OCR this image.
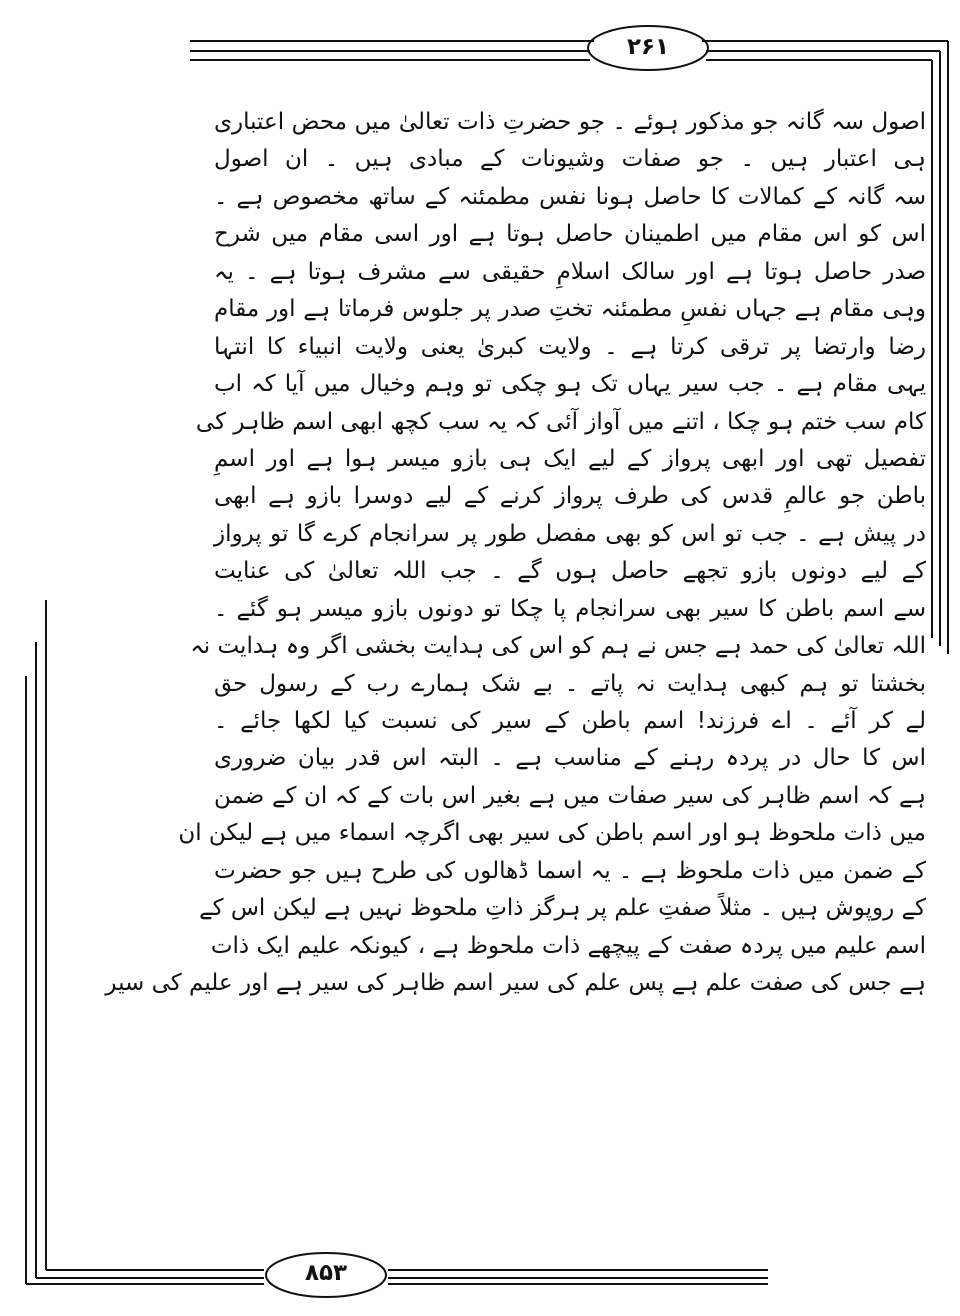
۲۶۱
۸۵۳
اصول سہ گانہ جو مذکور ہوئے ۔ جو حضرتِ ذات تعالیٰ میں محض اعتباری
ہی اعتبار ہیں ۔ جو صفات وشیونات کے مبادی ہیں ۔ ان اصول
سہ گانہ کے کمالات کا حاصل ہونا نفس مطمئنہ کے ساتھ مخصوص ہے ۔
اس کو اس مقام میں اطمینان حاصل ہوتا ہے اور اسی مقام میں شرح
صدر حاصل ہوتا ہے اور سالک اسلامِ حقیقی سے مشرف ہوتا ہے ۔ یہ
وہی مقام ہے جہاں نفسِ مطمئنہ تختِ صدر پر جلوس فرماتا ہے اور مقام
رضا وارتضا پر ترقی کرتا ہے ۔ ولایت کبریٰ یعنی ولایت انبیاء کا انتہا
یہی مقام ہے ۔ جب سیر یہاں تک ہو چکی تو وہم وخیال میں آیا کہ اب
کام سب ختم ہو چکا ، اتنے میں آواز آئی کہ یہ سب کچھ ابھی اسم ظاہر کی
تفصیل تھی اور ابھی پرواز کے لیے ایک ہی بازو میسر ہوا ہے اور اسمِ
باطن جو عالمِ قدس کی طرف پرواز کرنے کے لیے دوسرا بازو ہے ابھی
در پیش ہے ۔ جب تو اس کو بھی مفصل طور پر سرانجام کرے گا تو پرواز
کے لیے دونوں بازو تجھے حاصل ہوں گے ۔ جب اللہ تعالیٰ کی عنایت
سے اسم باطن کا سیر بھی سرانجام پا چکا تو دونوں بازو میسر ہو گئے ۔
اللہ تعالیٰ کی حمد ہے جس نے ہم کو اس کی ہدایت بخشی اگر وہ ہدایت نہ
بخشتا تو ہم کبھی ہدایت نہ پاتے ۔ بے شک ہمارے رب کے رسول حق
لے کر آئے ۔ اے فرزند! اسم باطن کے سیر کی نسبت کیا لکھا جائے ۔
اس کا حال در پردہ رہنے کے مناسب ہے ۔ البتہ اس قدر بیان ضروری
ہے کہ اسم ظاہر کی سیر صفات میں ہے بغیر اس بات کے کہ ان کے ضمن
میں ذات ملحوظ ہو اور اسم باطن کی سیر بھی اگرچہ اسماء میں ہے لیکن ان
کے ضمن میں ذات ملحوظ ہے ۔ یہ اسما ڈھالوں کی طرح ہیں جو حضرت
کے روپوش ہیں ۔ مثلاً صفتِ علم پر ہرگز ذاتِ ملحوظ نہیں ہے لیکن اس کے
اسم علیم میں پردہ صفت کے پیچھے ذات ملحوظ ہے ، کیونکہ علیم ایک ذات
ہے جس کی صفت علم ہے پس علم کی سیر اسم ظاہر کی سیر ہے اور علیم کی سیر
